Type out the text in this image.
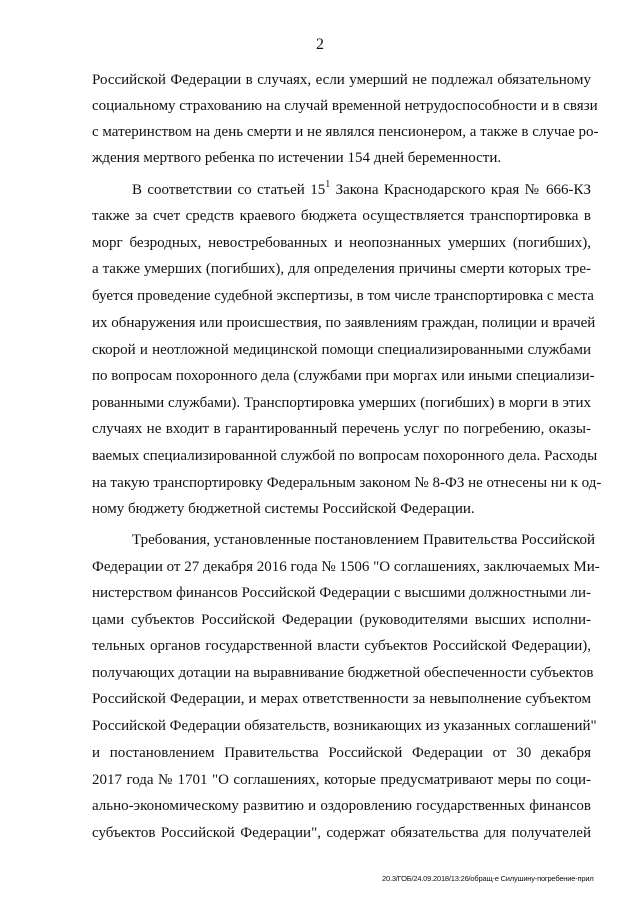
2
Российской Федерации в случаях, если умерший не подлежал обязательному
социальному страхованию на случай временной нетрудоспособности и в связи
с материнством на день смерти и не являлся пенсионером, а также в случае ро-
ждения мертвого ребенка по истечении 154 дней беременности.
В соответствии со статьей $15^1$ Закона Краснодарского края № 666-КЗ
также за счет средств краевого бюджета осуществляется транспортировка в
морг безродных, невостребованных и неопознанных умерших (погибших),
а также умерших (погибших), для определения причины смерти которых тре-
буется проведение судебной экспертизы, в том числе транспортировка с места
их обнаружения или происшествия, по заявлениям граждан, полиции и врачей
скорой и неотложной медицинской помощи специализированными службами
по вопросам похоронного дела (службами при моргах или иными специализи-
рованными службами). Транспортировка умерших (погибших) в морги в этих
случаях не входит в гарантированный перечень услуг по погребению, оказы-
ваемых специализированной службой по вопросам похоронного дела. Расходы
на такую транспортировку Федеральным законом № 8-ФЗ не отнесены ни к од-
ному бюджету бюджетной системы Российской Федерации.
Требования, установленные постановлением Правительства Российской
Федерации от 27 декабря 2016 года № 1506 "О соглашениях, заключаемых Ми-
нистерством финансов Российской Федерации с высшими должностными ли-
цами субъектов Российской Федерации (руководителями высших исполни-
тельных органов государственной власти субъектов Российской Федерации),
получающих дотации на выравнивание бюджетной обеспеченности субъектов
Российской Федерации, и мерах ответственности за невыполнение субъектом
Российской Федерации обязательств, возникающих из указанных соглашений"
и постановлением Правительства Российской Федерации от 30 декабря
2017 года № 1701 "О соглашениях, которые предусматривают меры по соци-
ально-экономическому развитию и оздоровлению государственных финансов
субъектов Российской Федерации", содержат обязательства для получателей
20.3/ГОБ/24.09.2018/13:26/обращ-е Силушину-погребение-прил
